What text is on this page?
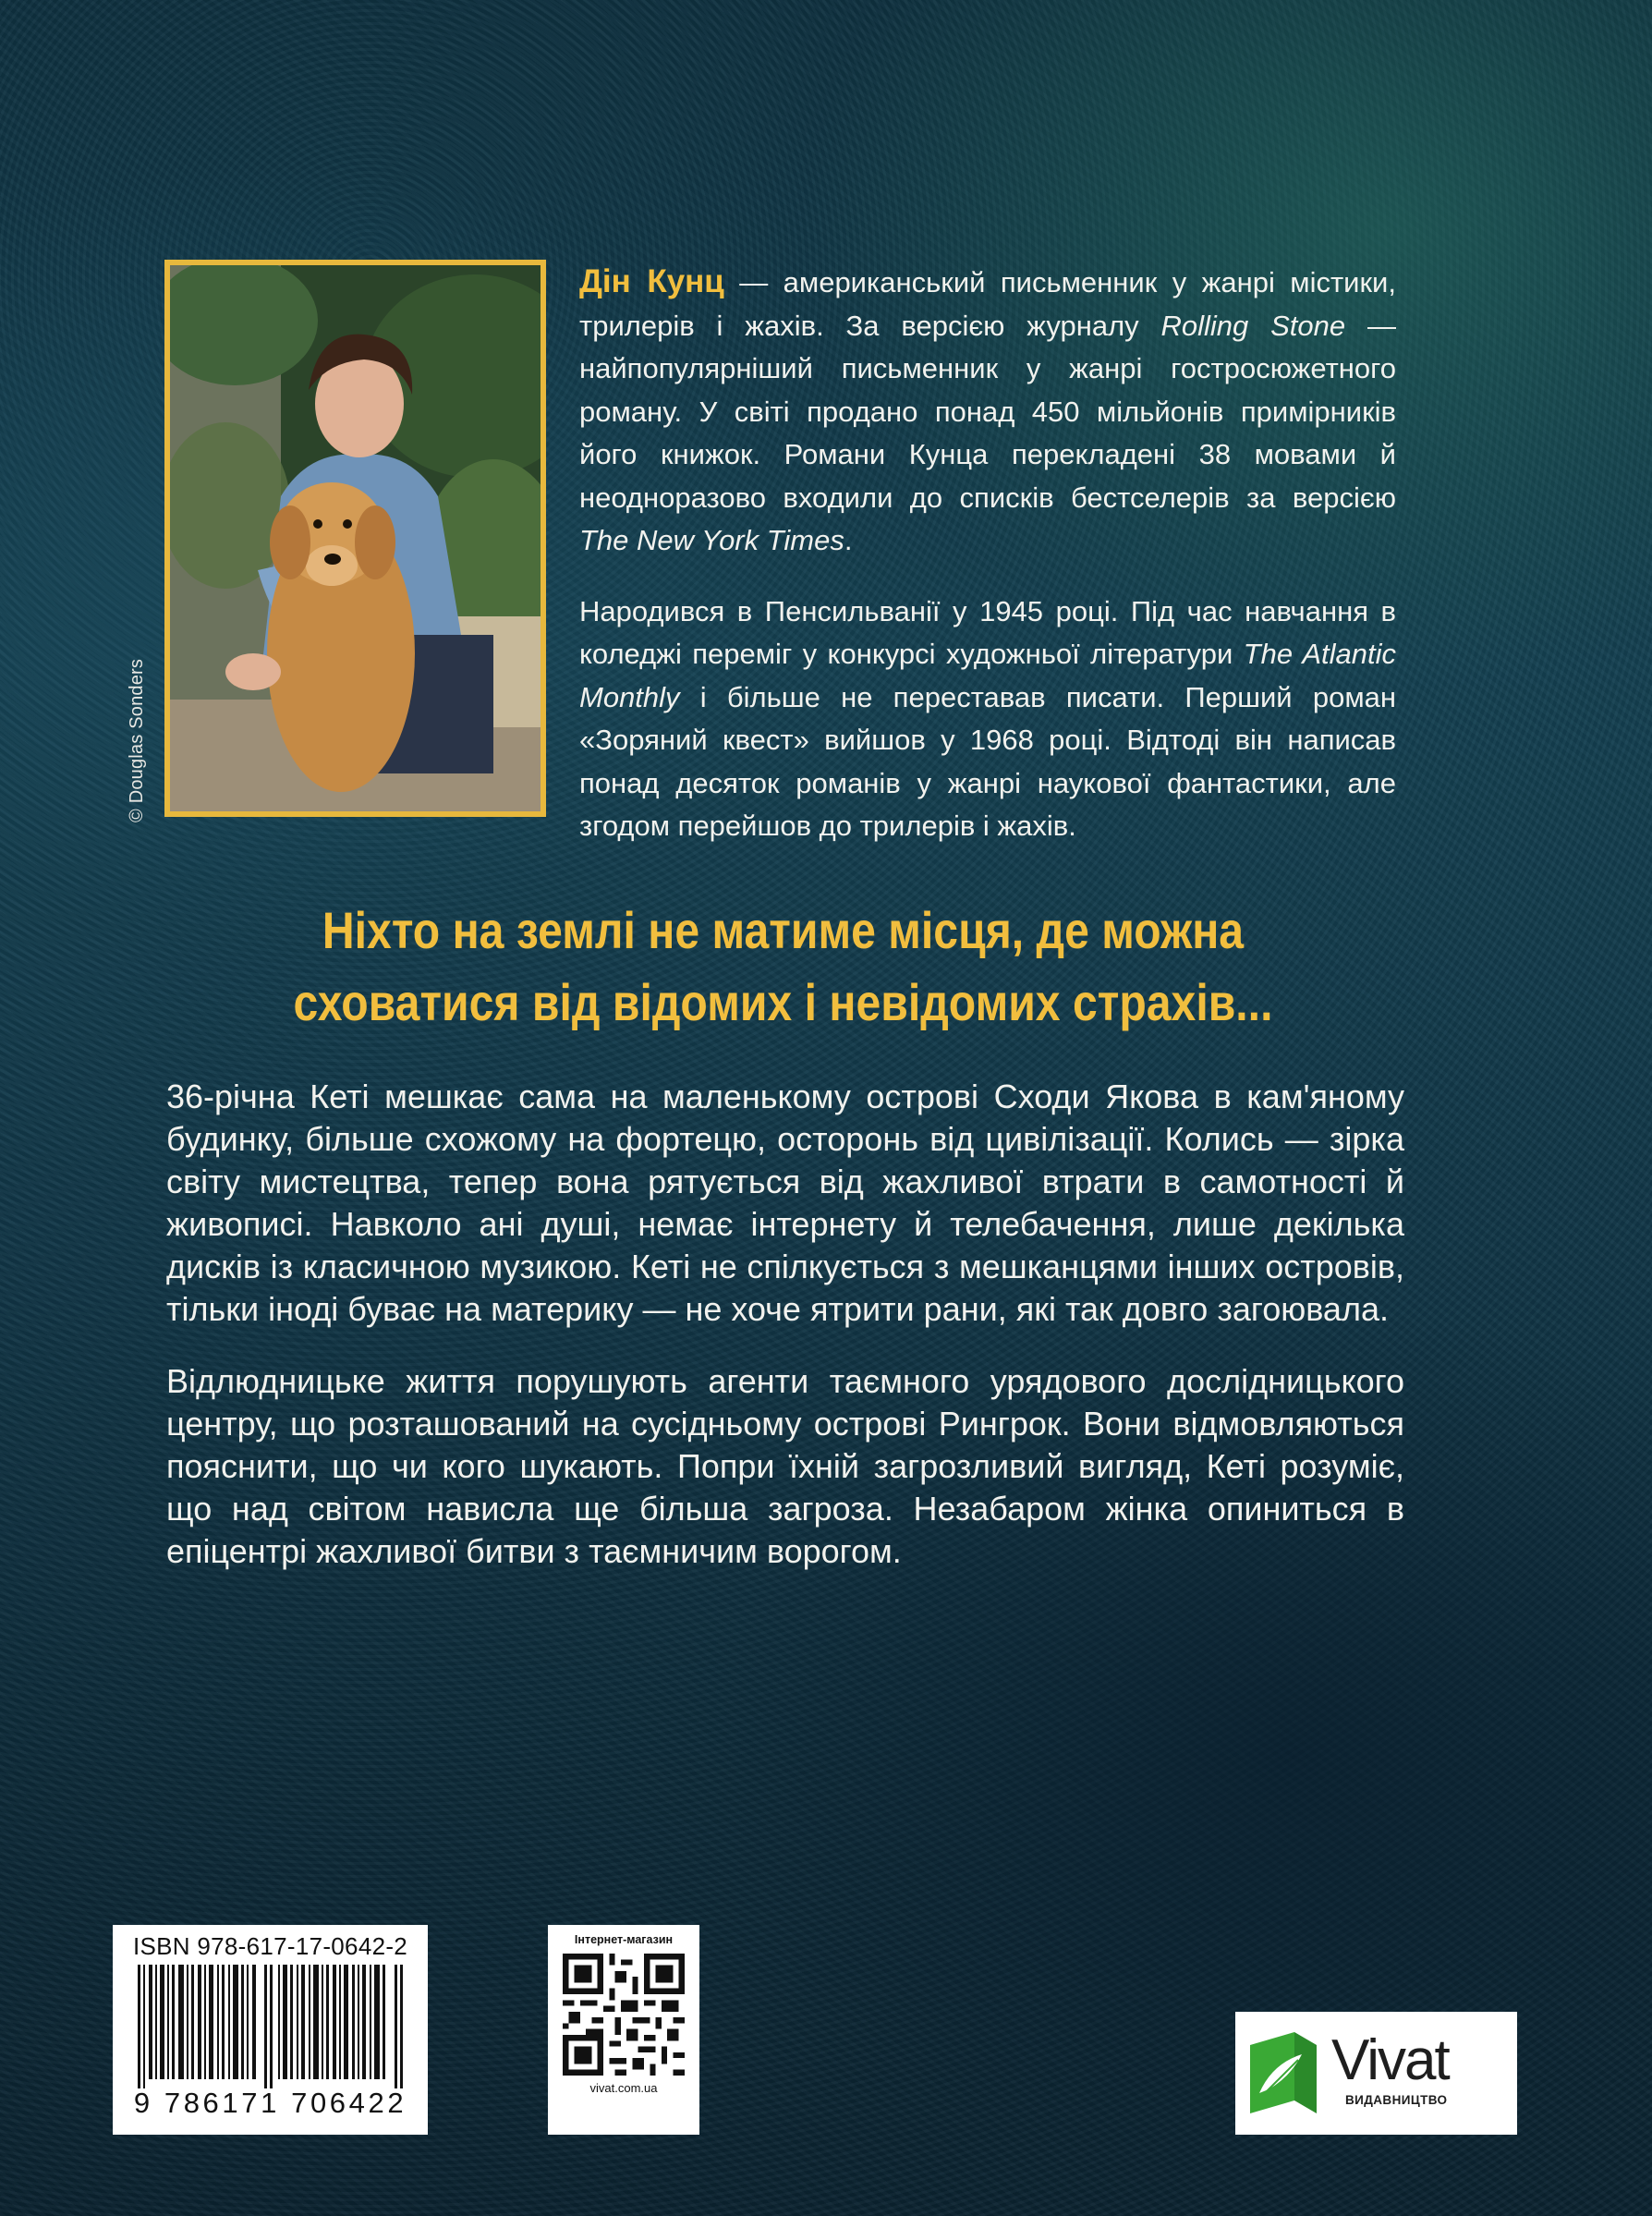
© Douglas Sonders

Дін Кунц — американський письменник у жанрі містики, трилерів і жахів. За версією журналу Rolling Stone — найпопулярніший письменник у жанрі гостросюжетного роману. У світі продано понад 450 мільйонів примірників його книжок. Романи Кунца перекладені 38 мовами й неодноразово входили до списків бестселерів за версією The New York Times.

Народився в Пенсильванії у 1945 році. Під час навчання в коледжі переміг у конкурсі художньої літератури The Atlantic Monthly і більше не переставав писати. Перший роман «Зоряний квест» вийшов у 1968 році. Відтоді він написав понад десяток романів у жанрі наукової фантастики, але згодом перейшов до трилерів і жахів.

Ніхто на землі не матиме місця, де можна
сховатися від відомих і невідомих страхів...

36-річна Кеті мешкає сама на маленькому острові Сходи Якова в кам'яному будинку, більше схожому на фортецю, осторонь від цивілізації. Колись — зірка світу мистецтва, тепер вона рятується від жахливої втрати в самотності й живописі. Навколо ані душі, немає інтернету й телебачення, лише декілька дисків із класичною музикою. Кеті не спілкується з мешканцями інших островів, тільки іноді буває на материку — не хоче ятрити рани, які так довго загоювала.

Відлюдницьке життя порушують агенти таємного урядового дослідницького центру, що розташований на сусідньому острові Рингрок. Вони відмовляються пояснити, що чи кого шукають. Попри їхній загрозливий вигляд, Кеті розуміє, що над світом нависла ще більша загроза. Незабаром жінка опиниться в епіцентрі жахливої битви з таємничим ворогом.

ISBN 978-617-17-0642-2
9 786171 706422
Інтернет-магазин
vivat.com.ua	Vivat
ВИДАВНИЦТВО
